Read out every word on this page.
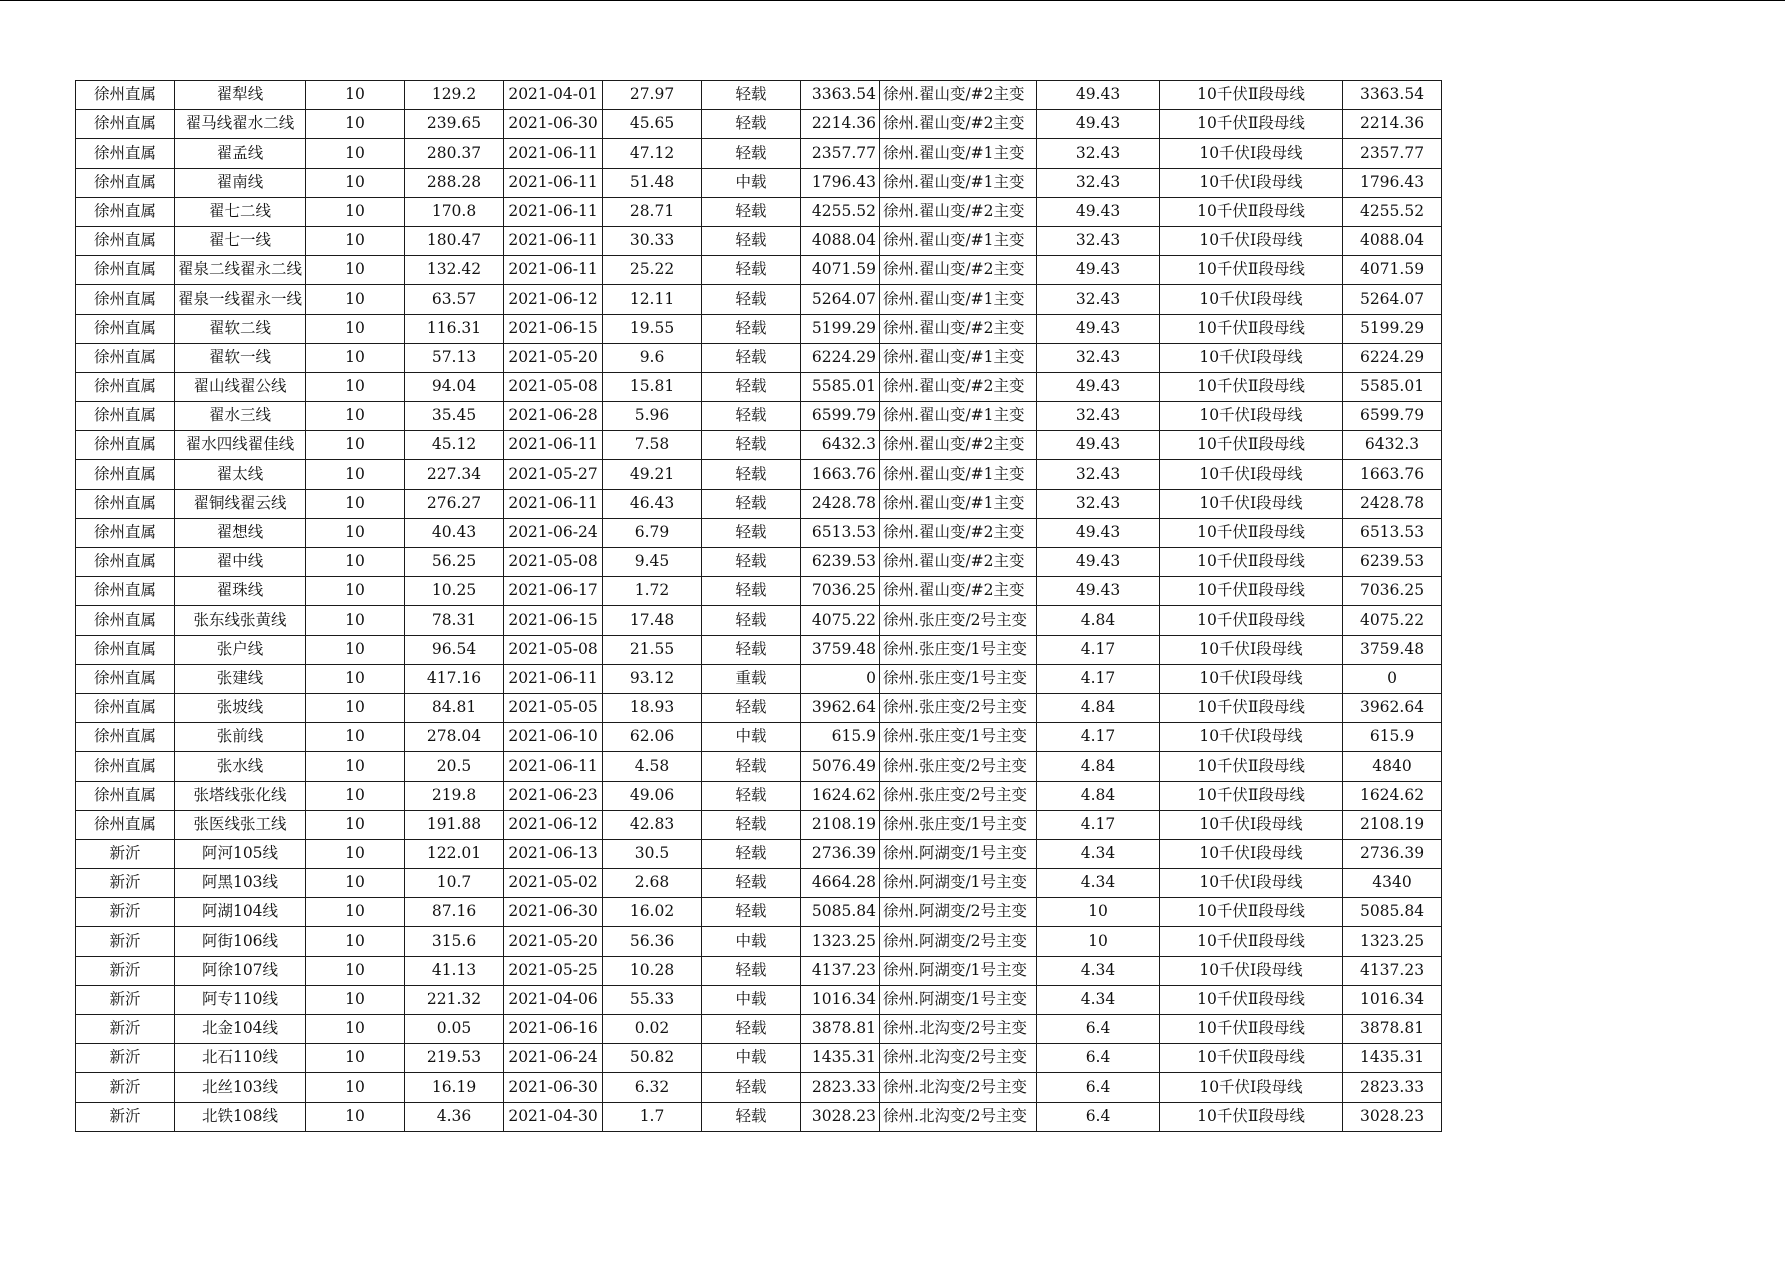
徐州直属	翟犁线	10	129.2	2021-04-01	27.97	轻载	3363.54	徐州.翟山变/#2主变	49.43	10千伏Ⅱ段母线	3363.54
徐州直属	翟马线翟水二线	10	239.65	2021-06-30	45.65	轻载	2214.36	徐州.翟山变/#2主变	49.43	10千伏Ⅱ段母线	2214.36
徐州直属	翟孟线	10	280.37	2021-06-11	47.12	轻载	2357.77	徐州.翟山变/#1主变	32.43	10千伏Ⅰ段母线	2357.77
徐州直属	翟南线	10	288.28	2021-06-11	51.48	中载	1796.43	徐州.翟山变/#1主变	32.43	10千伏Ⅰ段母线	1796.43
徐州直属	翟七二线	10	170.8	2021-06-11	28.71	轻载	4255.52	徐州.翟山变/#2主变	49.43	10千伏Ⅱ段母线	4255.52
徐州直属	翟七一线	10	180.47	2021-06-11	30.33	轻载	4088.04	徐州.翟山变/#1主变	32.43	10千伏Ⅰ段母线	4088.04
徐州直属	翟泉二线翟永二线	10	132.42	2021-06-11	25.22	轻载	4071.59	徐州.翟山变/#2主变	49.43	10千伏Ⅱ段母线	4071.59
徐州直属	翟泉一线翟永一线	10	63.57	2021-06-12	12.11	轻载	5264.07	徐州.翟山变/#1主变	32.43	10千伏Ⅰ段母线	5264.07
徐州直属	翟软二线	10	116.31	2021-06-15	19.55	轻载	5199.29	徐州.翟山变/#2主变	49.43	10千伏Ⅱ段母线	5199.29
徐州直属	翟软一线	10	57.13	2021-05-20	9.6	轻载	6224.29	徐州.翟山变/#1主变	32.43	10千伏Ⅰ段母线	6224.29
徐州直属	翟山线翟公线	10	94.04	2021-05-08	15.81	轻载	5585.01	徐州.翟山变/#2主变	49.43	10千伏Ⅱ段母线	5585.01
徐州直属	翟水三线	10	35.45	2021-06-28	5.96	轻载	6599.79	徐州.翟山变/#1主变	32.43	10千伏Ⅰ段母线	6599.79
徐州直属	翟水四线翟佳线	10	45.12	2021-06-11	7.58	轻载	6432.3	徐州.翟山变/#2主变	49.43	10千伏Ⅱ段母线	6432.3
徐州直属	翟太线	10	227.34	2021-05-27	49.21	轻载	1663.76	徐州.翟山变/#1主变	32.43	10千伏Ⅰ段母线	1663.76
徐州直属	翟铜线翟云线	10	276.27	2021-06-11	46.43	轻载	2428.78	徐州.翟山变/#1主变	32.43	10千伏Ⅰ段母线	2428.78
徐州直属	翟想线	10	40.43	2021-06-24	6.79	轻载	6513.53	徐州.翟山变/#2主变	49.43	10千伏Ⅱ段母线	6513.53
徐州直属	翟中线	10	56.25	2021-05-08	9.45	轻载	6239.53	徐州.翟山变/#2主变	49.43	10千伏Ⅱ段母线	6239.53
徐州直属	翟珠线	10	10.25	2021-06-17	1.72	轻载	7036.25	徐州.翟山变/#2主变	49.43	10千伏Ⅱ段母线	7036.25
徐州直属	张东线张黄线	10	78.31	2021-06-15	17.48	轻载	4075.22	徐州.张庄变/2号主变	4.84	10千伏Ⅱ段母线	4075.22
徐州直属	张户线	10	96.54	2021-05-08	21.55	轻载	3759.48	徐州.张庄变/1号主变	4.17	10千伏Ⅰ段母线	3759.48
徐州直属	张建线	10	417.16	2021-06-11	93.12	重载	0	徐州.张庄变/1号主变	4.17	10千伏Ⅰ段母线	0
徐州直属	张坡线	10	84.81	2021-05-05	18.93	轻载	3962.64	徐州.张庄变/2号主变	4.84	10千伏Ⅱ段母线	3962.64
徐州直属	张前线	10	278.04	2021-06-10	62.06	中载	615.9	徐州.张庄变/1号主变	4.17	10千伏Ⅰ段母线	615.9
徐州直属	张水线	10	20.5	2021-06-11	4.58	轻载	5076.49	徐州.张庄变/2号主变	4.84	10千伏Ⅱ段母线	4840
徐州直属	张塔线张化线	10	219.8	2021-06-23	49.06	轻载	1624.62	徐州.张庄变/2号主变	4.84	10千伏Ⅱ段母线	1624.62
徐州直属	张医线张工线	10	191.88	2021-06-12	42.83	轻载	2108.19	徐州.张庄变/1号主变	4.17	10千伏Ⅰ段母线	2108.19
新沂	阿河105线	10	122.01	2021-06-13	30.5	轻载	2736.39	徐州.阿湖变/1号主变	4.34	10千伏Ⅰ段母线	2736.39
新沂	阿黑103线	10	10.7	2021-05-02	2.68	轻载	4664.28	徐州.阿湖变/1号主变	4.34	10千伏Ⅰ段母线	4340
新沂	阿湖104线	10	87.16	2021-06-30	16.02	轻载	5085.84	徐州.阿湖变/2号主变	10	10千伏Ⅱ段母线	5085.84
新沂	阿街106线	10	315.6	2021-05-20	56.36	中载	1323.25	徐州.阿湖变/2号主变	10	10千伏Ⅱ段母线	1323.25
新沂	阿徐107线	10	41.13	2021-05-25	10.28	轻载	4137.23	徐州.阿湖变/1号主变	4.34	10千伏Ⅰ段母线	4137.23
新沂	阿专110线	10	221.32	2021-04-06	55.33	中载	1016.34	徐州.阿湖变/1号主变	4.34	10千伏Ⅱ段母线	1016.34
新沂	北金104线	10	0.05	2021-06-16	0.02	轻载	3878.81	徐州.北沟变/2号主变	6.4	10千伏Ⅱ段母线	3878.81
新沂	北石110线	10	219.53	2021-06-24	50.82	中载	1435.31	徐州.北沟变/2号主变	6.4	10千伏Ⅱ段母线	1435.31
新沂	北丝103线	10	16.19	2021-06-30	6.32	轻载	2823.33	徐州.北沟变/2号主变	6.4	10千伏Ⅰ段母线	2823.33
新沂	北铁108线	10	4.36	2021-04-30	1.7	轻载	3028.23	徐州.北沟变/2号主变	6.4	10千伏Ⅱ段母线	3028.23
